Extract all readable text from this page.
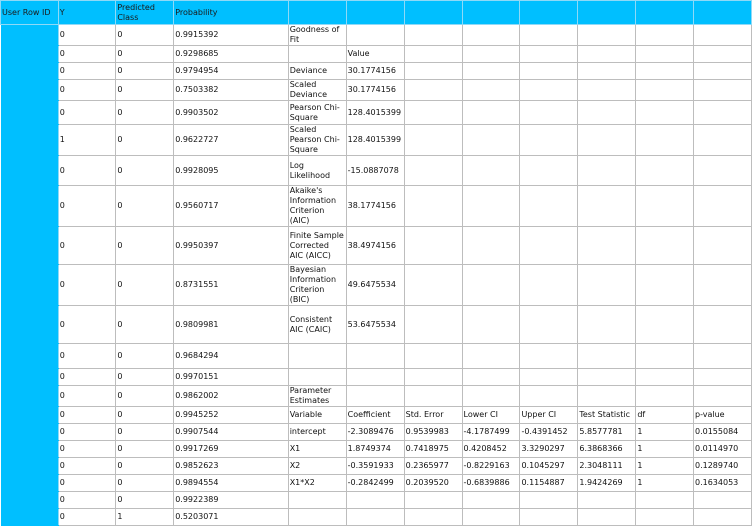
User Row ID	Y	Predicted Class	Probability								
	0	0	0.9915392	Goodness of Fit							
	0	0	0.9298685		Value						
	0	0	0.9794954	Deviance	30.1774156						
	0	0	0.7503382	Scaled Deviance	30.1774156						
	0	0	0.9903502	Pearson Chi-Square	128.4015399						
	1	0	0.9622727	Scaled Pearson Chi-Square	128.4015399						
	0	0	0.9928095	Log Likelihood	-15.0887078						
	0	0	0.9560717	Akaike's Information Criterion (AIC)	38.1774156						
	0	0	0.9950397	Finite Sample Corrected AIC (AICC)	38.4974156						
	0	0	0.8731551	Bayesian Information Criterion (BIC)	49.6475534						
	0	0	0.9809981	Consistent AIC (CAIC)	53.6475534						
	0	0	0.9684294								
	0	0	0.9970151								
	0	0	0.9862002	Parameter Estimates							
	0	0	0.9945252	Variable	Coefficient	Std. Error	Lower CI	Upper CI	Test Statistic	df	p-value
	0	0	0.9907544	intercept	-2.3089476	0.9539983	-4.1787499	-0.4391452	5.8577781	1	0.0155084
	0	0	0.9917269	X1	1.8749374	0.7418975	0.4208452	3.3290297	6.3868366	1	0.0114970
	0	0	0.9852623	X2	-0.3591933	0.2365977	-0.8229163	0.1045297	2.3048111	1	0.1289740
	0	0	0.9894554	X1*X2	-0.2842499	0.2039520	-0.6839886	0.1154887	1.9424269	1	0.1634053
	0	0	0.9922389								
	0	1	0.5203071								
